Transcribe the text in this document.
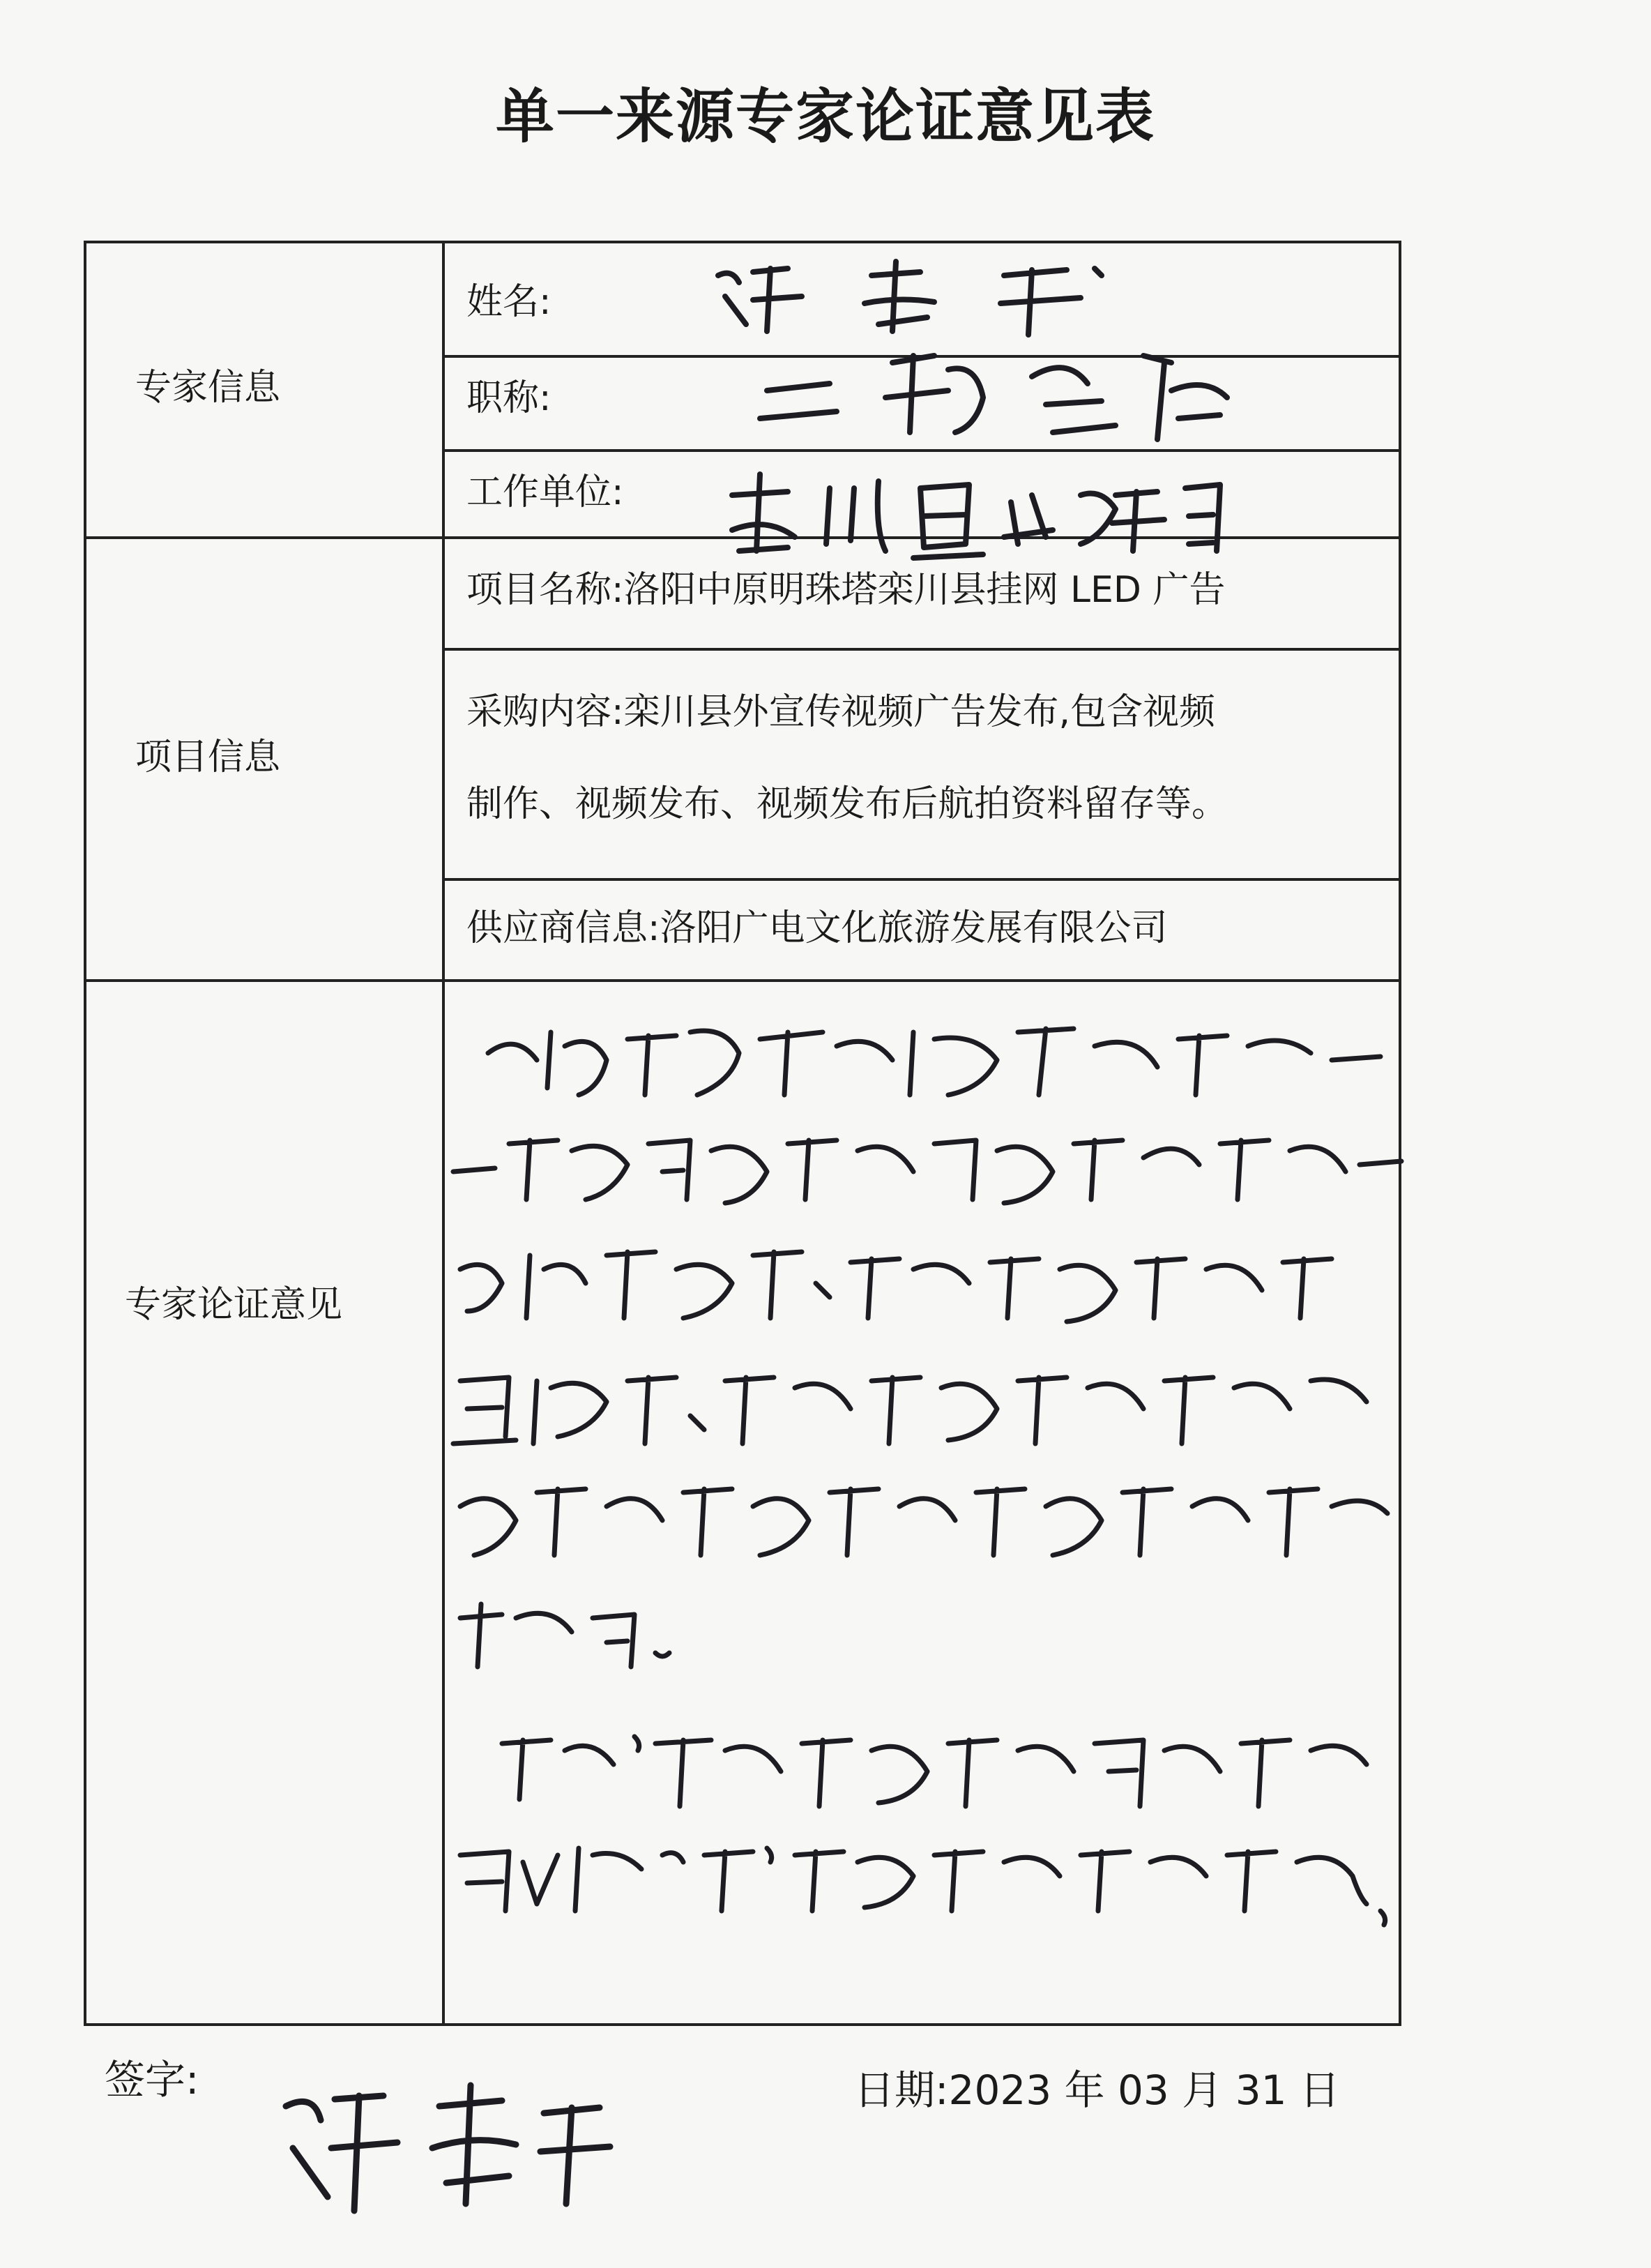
单一来源专家论证意见表
专家信息
项目信息
专家论证意见
姓名:
职称:
工作单位:
项目名称:洛阳中原明珠塔栾川县挂网 LED 广告
采购内容:栾川县外宣传视频广告发布,包含视频
制作、视频发布、视频发布后航拍资料留存等。
供应商信息:洛阳广电文化旅游发展有限公司
签字:	日期:2023 年 03 月 31 日
